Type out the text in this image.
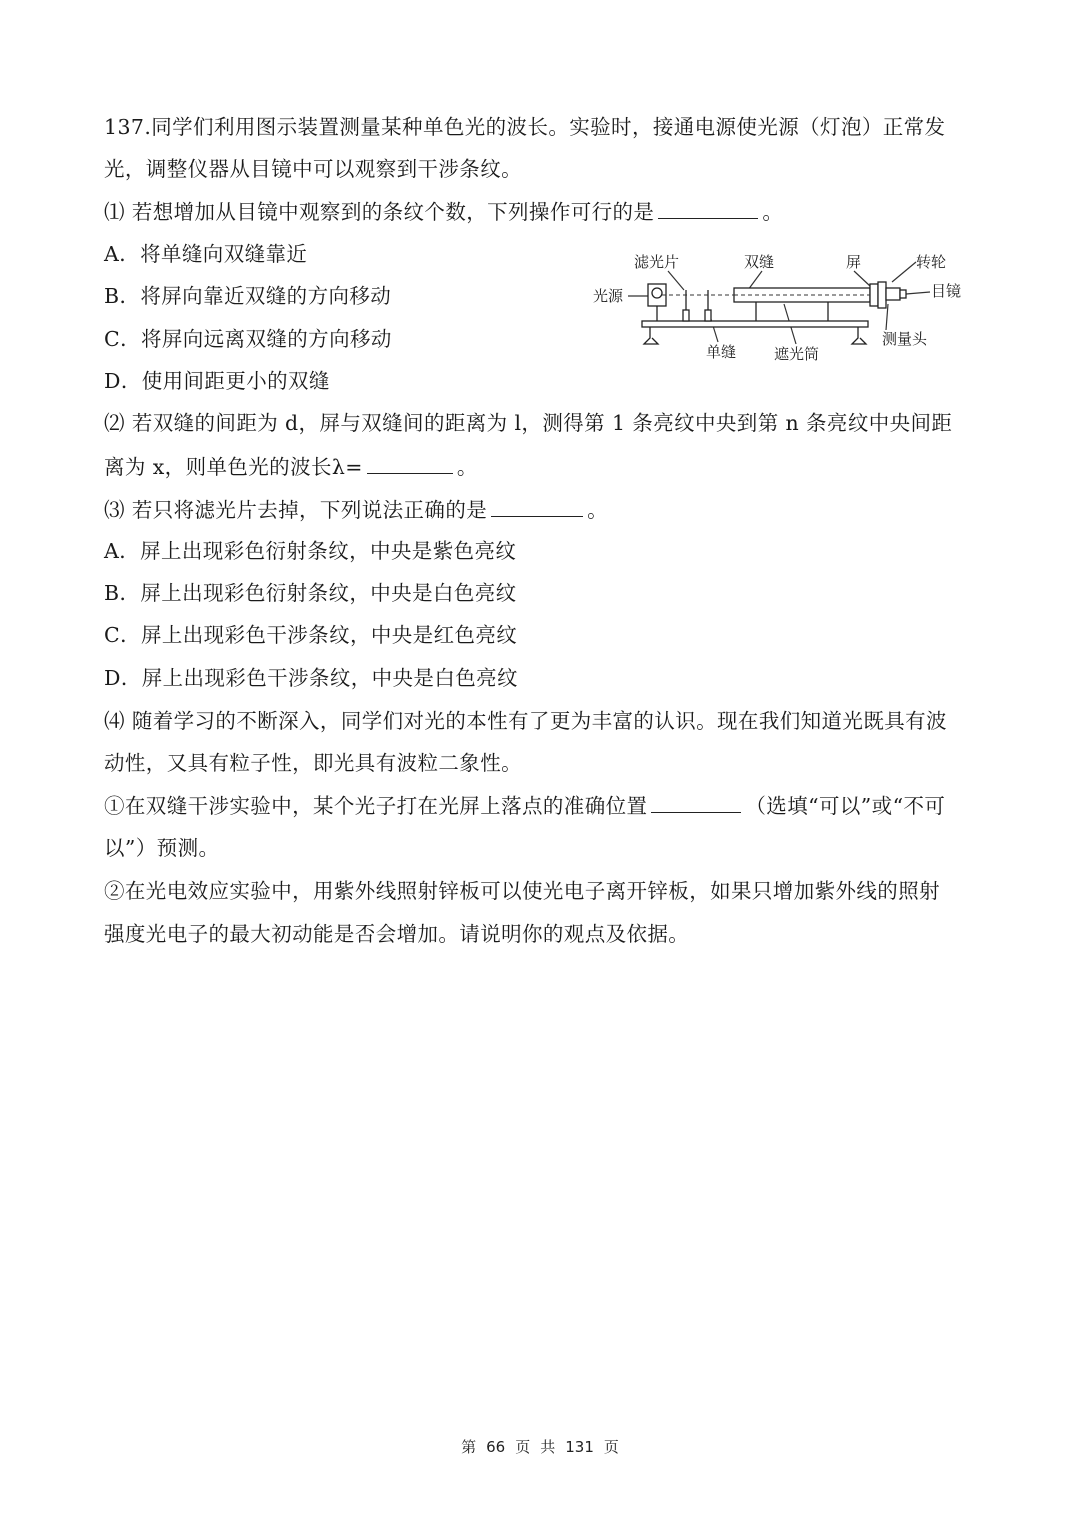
137.同学们利用图示装置测量某种单色光的波长。实验时，接通电源使光源（灯泡）正常发
光，调整仪器从目镜中可以观察到干涉条纹。
⑴ 若想增加从目镜中观察到的条纹个数，下列操作可行的是	。
A．将单缝向双缝靠近
B．将屏向靠近双缝的方向移动
C．将屏向远离双缝的方向移动
D．使用间距更小的双缝
⑵ 若双缝的间距为 d，屏与双缝间的距离为 l，测得第 1 条亮纹中央到第 n 条亮纹中央间距
离为 x，则单色光的波长λ=	。
⑶ 若只将滤光片去掉，下列说法正确的是	。
A．屏上出现彩色衍射条纹，中央是紫色亮纹
B．屏上出现彩色衍射条纹，中央是白色亮纹
C．屏上出现彩色干涉条纹，中央是红色亮纹
D．屏上出现彩色干涉条纹，中央是白色亮纹
⑷ 随着学习的不断深入，同学们对光的本性有了更为丰富的认识。现在我们知道光既具有波
动性，又具有粒子性，即光具有波粒二象性。
①在双缝干涉实验中，某个光子打在光屏上落点的准确位置	（选填“可以”或“不可
以”）预测。
②在光电效应实验中，用紫外线照射锌板可以使光电子离开锌板，如果只增加紫外线的照射
强度光电子的最大初动能是否会增加。请说明你的观点及依据。
滤光片	双缝	屏	转轮
光源	目镜
单缝	遮光筒
测量头
第 66 页 共 131 页
